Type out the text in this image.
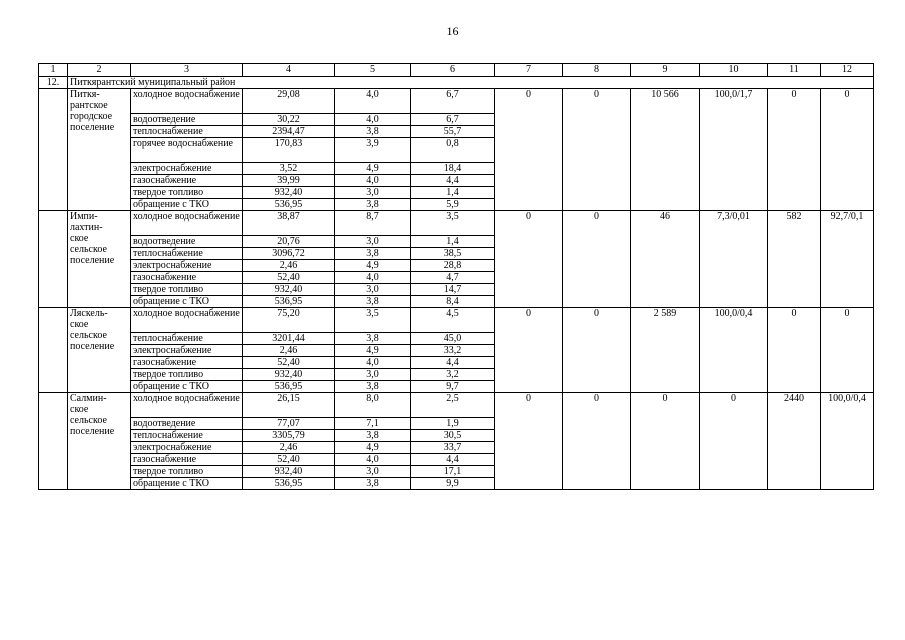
16
1	2	3	4	5	6	7	8	9	10	11	12
12.	Питкярантский муниципальный район										
	Питкя-
рантское
городское
поселение	холодное водоснабжение	29,08	4,0	6,7	0	0	10 566	100,0/1,7	0	0
		водоотведение	30,22	4,0	6,7						
		теплоснабжение	2394,47	3,8	55,7						
		горячее водоснабжение	170,83	3,9	0,8						
		электроснабжение	3,52	4,9	18,4						
		газоснабжение	39,99	4,0	4,4						
		твердое топливо	932,40	3,0	1,4						
		обращение с ТКО	536,95	3,8	5,9						
	Импи-
лахтин-
ское
сельское
поселение	холодное водоснабжение	38,87	8,7	3,5	0	0	46	7,3/0,01	582	92,7/0,1
		водоотведение	20,76	3,0	1,4						
		теплоснабжение	3096,72	3,8	38,5						
		электроснабжение	2,46	4,9	28,8						
		газоснабжение	52,40	4,0	4,7						
		твердое топливо	932,40	3,0	14,7						
		обращение с ТКО	536,95	3,8	8,4						
	Ляскель-
ское
сельское
поселение	холодное водоснабжение	75,20	3,5	4,5	0	0	2 589	100,0/0,4	0	0
		теплоснабжение	3201,44	3,8	45,0						
		электроснабжение	2,46	4,9	33,2						
		газоснабжение	52,40	4,0	4,4						
		твердое топливо	932,40	3,0	3,2						
		обращение с ТКО	536,95	3,8	9,7						
	Салмин-
ское
сельское
поселение	холодное водоснабжение	26,15	8,0	2,5	0	0	0	0	2440	100,0/0,4
		водоотведение	77,07	7,1	1,9						
		теплоснабжение	3305,79	3,8	30,5						
		электроснабжение	2,46	4,9	33,7						
		газоснабжение	52,40	4,0	4,4						
		твердое топливо	932,40	3,0	17,1						
		обращение с ТКО	536,95	3,8	9,9						
